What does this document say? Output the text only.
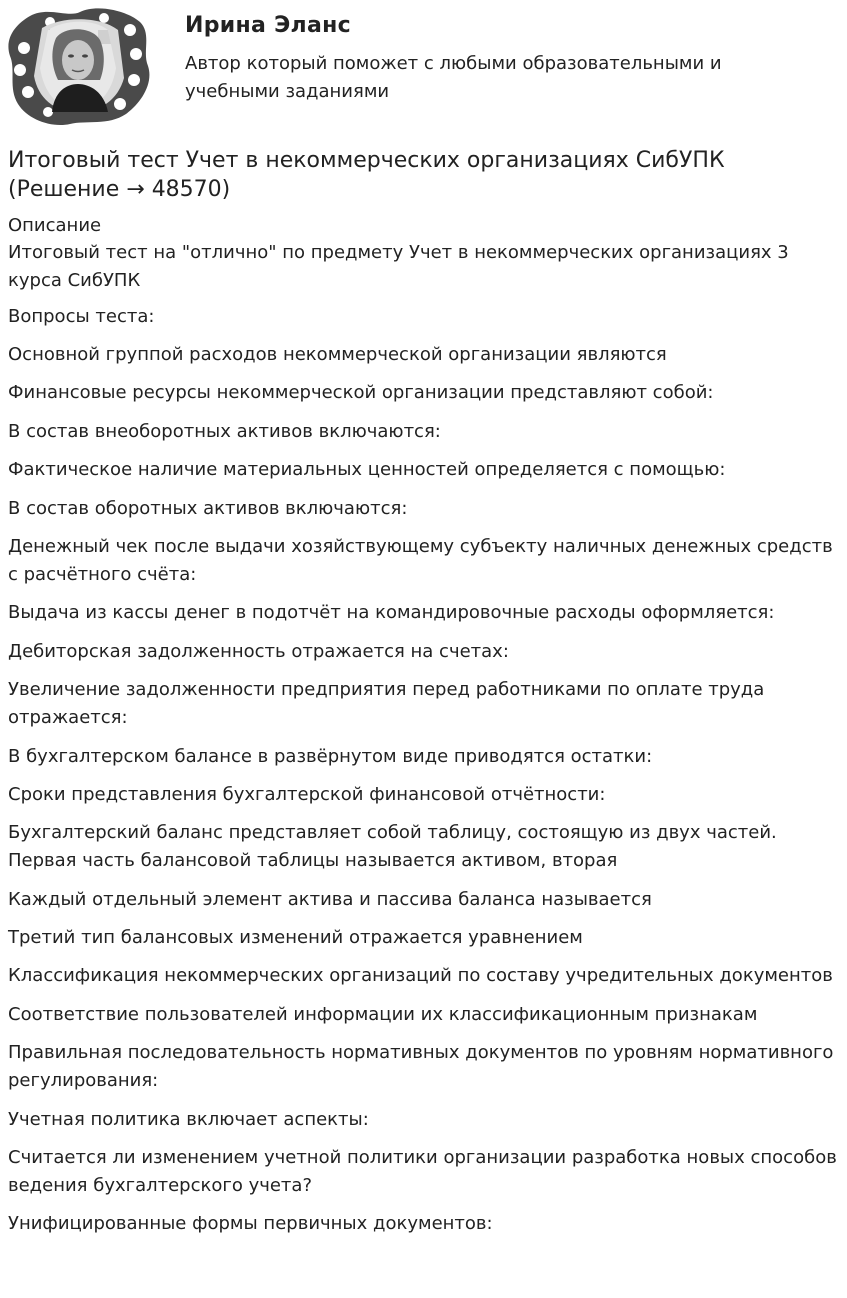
Ирина Эланс
Автор который поможет с любыми образовательными и учебными заданиями
Итоговый тест Учет в некоммерческих организациях СибУПК (Решение → 48570)

Описание

Итоговый тест на "отлично" по предмету Учет в некоммерческих организациях 3 курса СибУПК

Вопросы теста:

Основной группой расходов некоммерческой организации являются
Финансовые ресурсы некоммерческой организации представляют собой:
В состав внеоборотных активов включаются:
Фактическое наличие материальных ценностей определяется с помощью:
В состав оборотных активов включаются:
Денежный чек после выдачи хозяйствующему субъекту наличных денежных средств с расчётного счёта:
Выдача из кассы денег в подотчёт на командировочные расходы оформляется:
Дебиторская задолженность отражается на счетах:
Увеличение задолженности предприятия перед работниками по оплате труда отражается:
В бухгалтерском балансе в развёрнутом виде приводятся остатки:
Сроки представления бухгалтерской финансовой отчётности:
Бухгалтерский баланс представляет собой таблицу, состоящую из двух частей. Первая часть балансовой таблицы называется активом, вторая
Каждый отдельный элемент актива и пассива баланса называется
Третий тип балансовых изменений отражается уравнением
Классификация некоммерческих организаций по составу учредительных документов
Соответствие пользователей информации их классификационным признакам
Правильная последовательность нормативных документов по уровням нормативного регулирования:
Учетная политика включает аспекты:
Считается ли изменением учетной политики организации разработка новых способов ведения бухгалтерского учета?
Унифицированные формы первичных документов:
